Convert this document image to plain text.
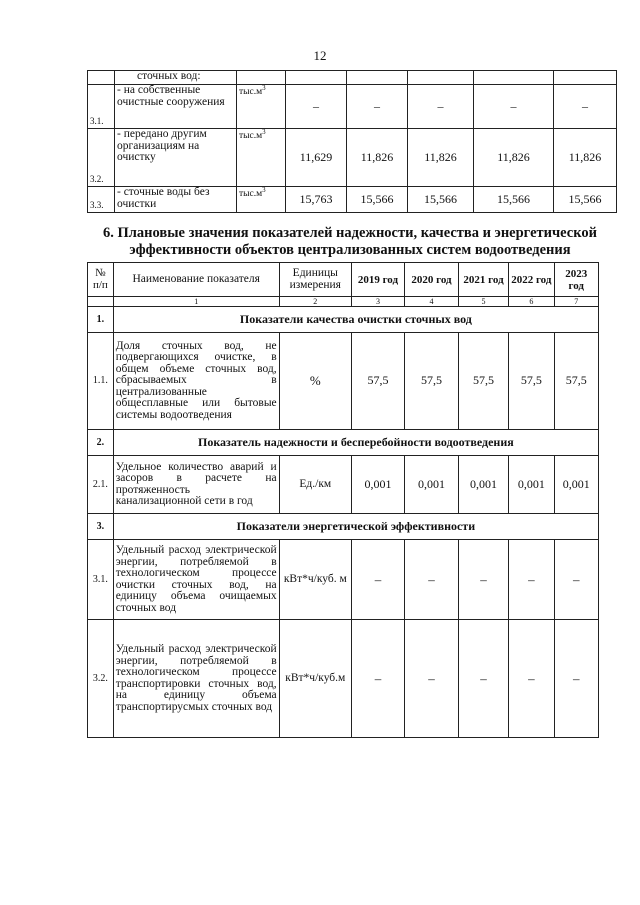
12
	сточных вод:						
3.1.	- на собственные очистные сооружения	$тыс.м^3$	–	–	–	–	–
3.2.	- передано другим организациям на очистку	$тыс.м^3$	11,629	11,826	11,826	11,826	11,826
3.3.	- сточные воды без очистки	$тыс.м^3$	15,763	15,566	15,566	15,566	15,566
6. Плановые значения показателей надежности, качества и энергетической эффективности объектов централизованных систем водоотведения
№ п/п	Наименование показателя	Единицы измерения	2019 год	2020 год	2021 год	2022 год	2023 год
	1	2	3	4	5	6	7
1.	Показатели качества очистки сточных вод						
1.1.	Доля сточных вод, не подвергающихся очистке, в общем объеме сточных вод, сбрасываемых в централизованные общесплавные или бытовые системы водоотведения	%	57,5	57,5	57,5	57,5	57,5
2.	Показатель надежности и бесперебойности водоотведения						
2.1.	Удельное количество аварий и засоров в расчете на протяженность канализационной сети в год	Ед./км	0,001	0,001	0,001	0,001	0,001
3.	Показатели энергетической эффективности						
3.1.	Удельный расход электрической энергии, потребляемой в технологическом процессе очистки сточных вод, на единицу объема очищаемых сточных вод	кВт*ч/куб. м	–	–	–	–	–
3.2.	Удельный расход электрической энергии, потребляемой в технологическом процессе транспортировки сточных вод, на единицу объема транспортирусмых сточных вод	кВт*ч/куб.м	–	–	–	–	–
